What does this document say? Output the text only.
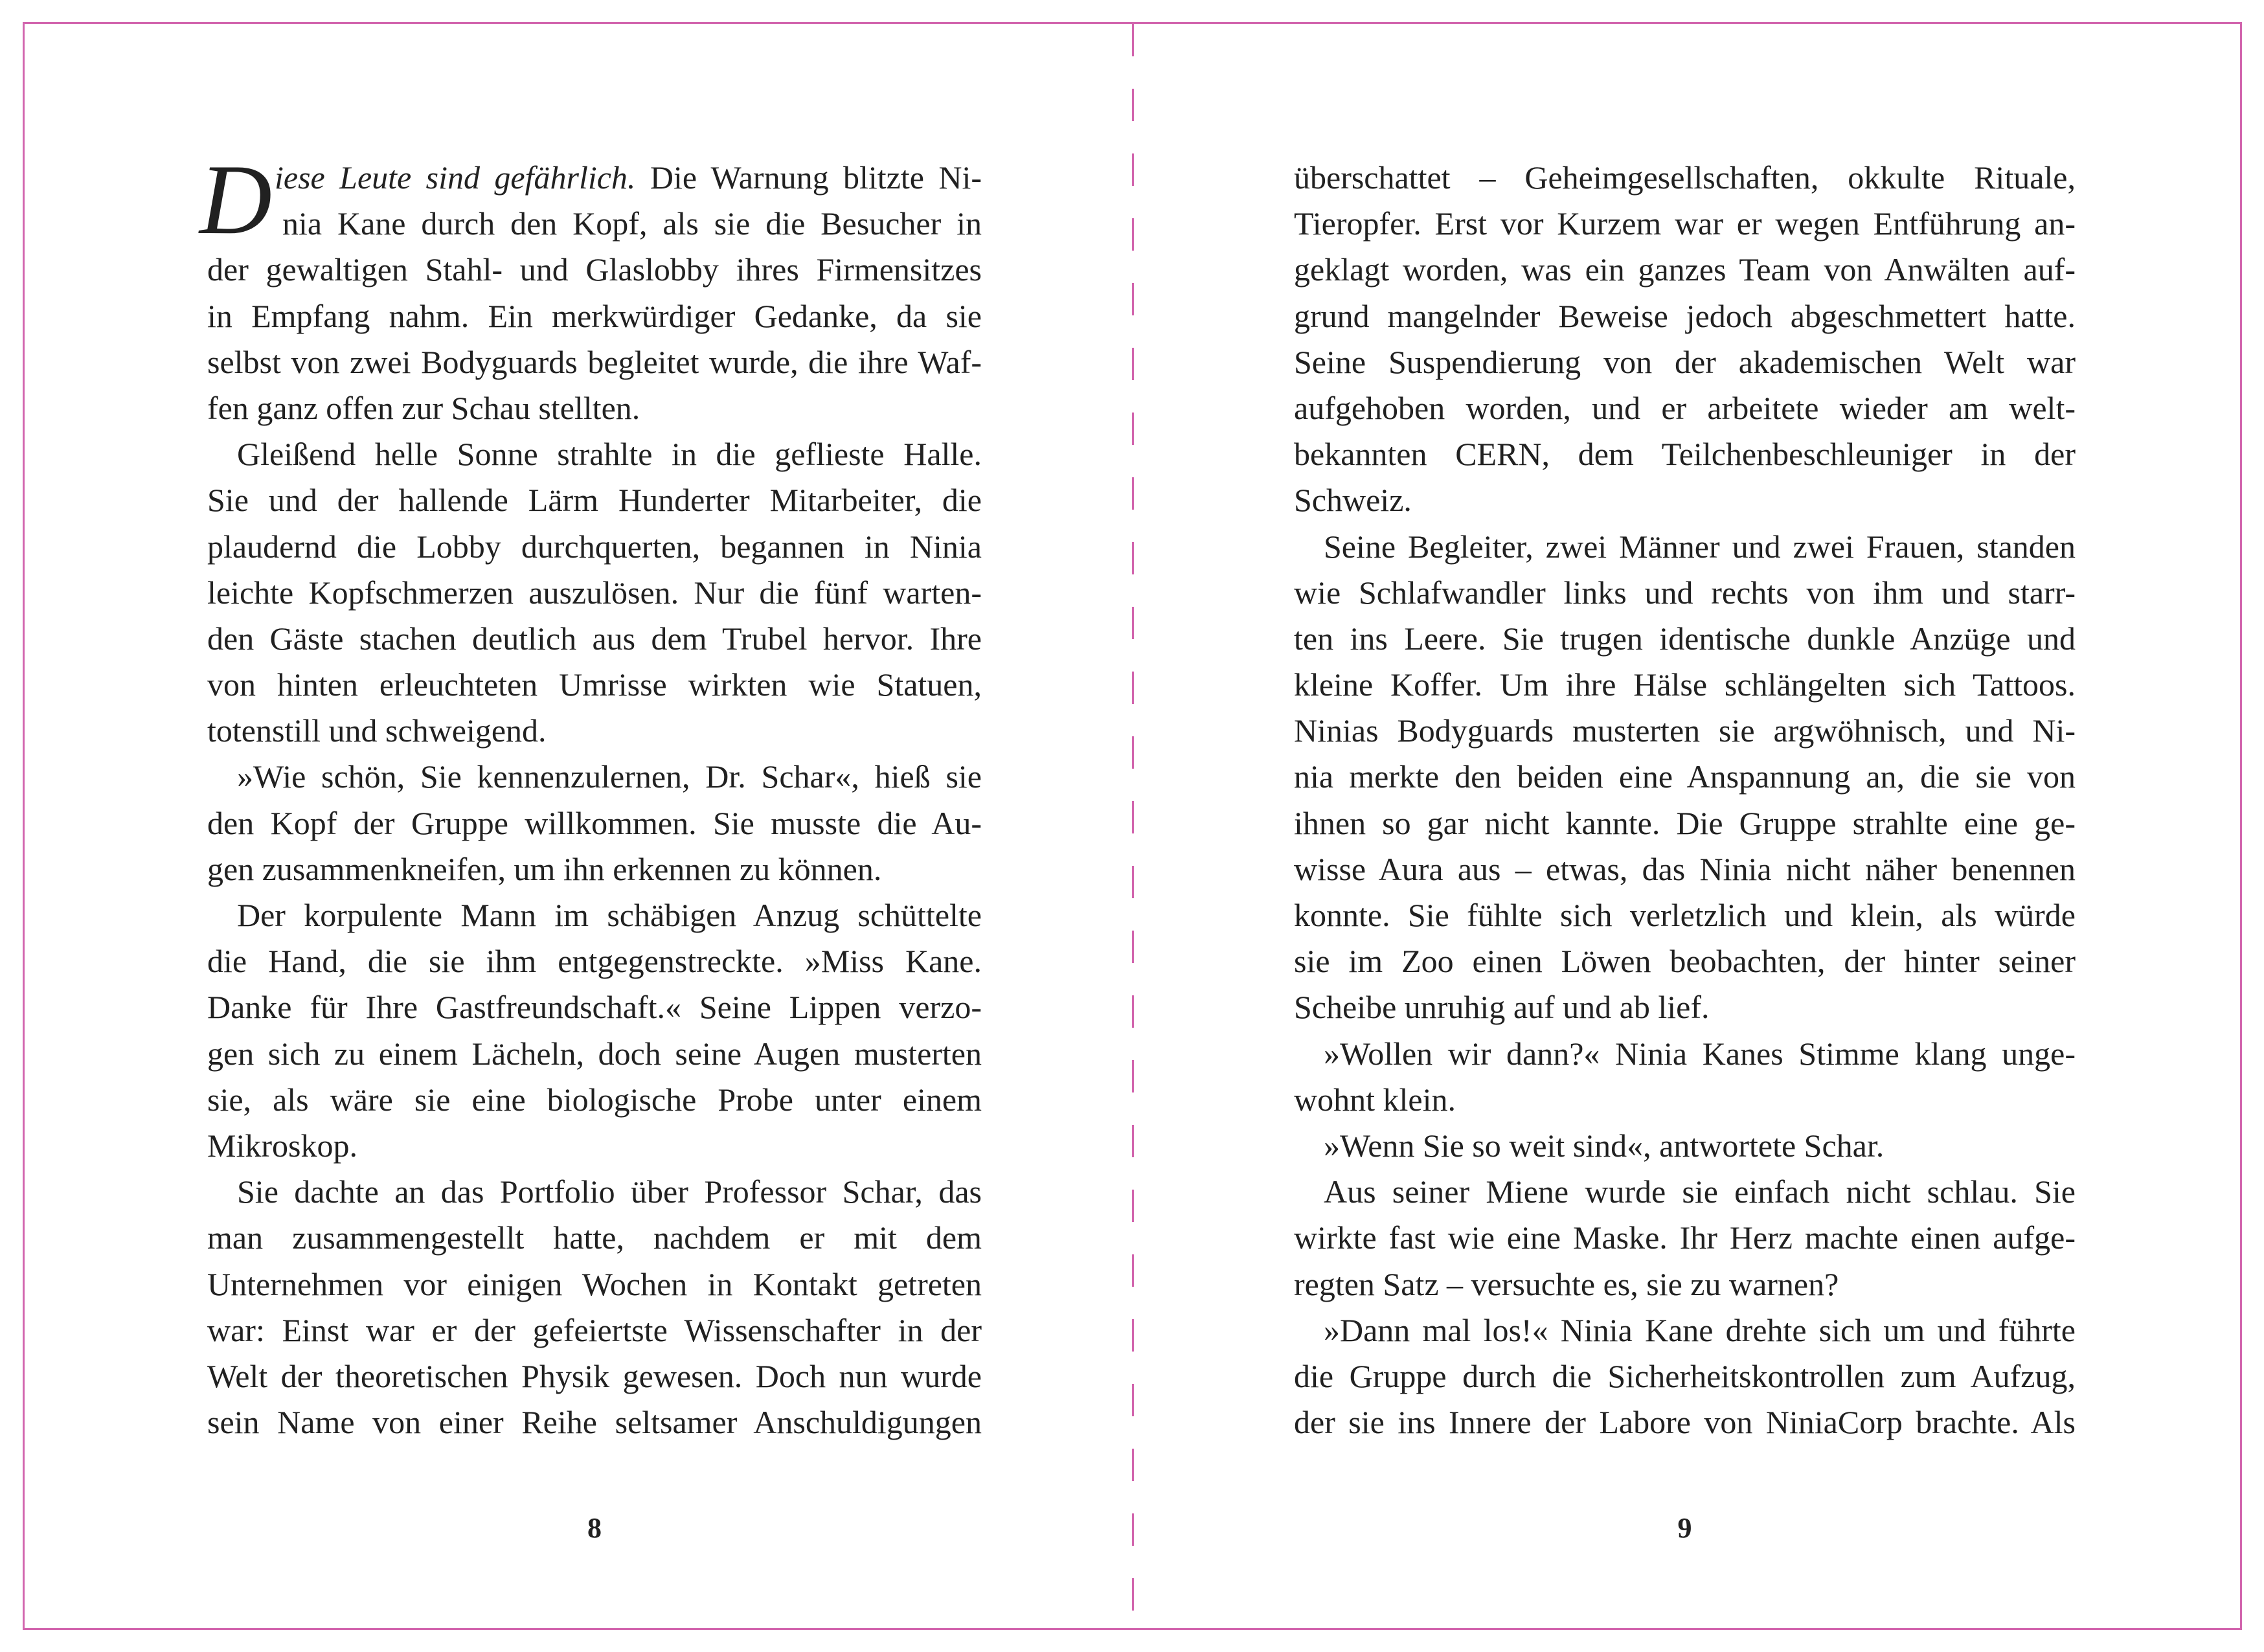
D iese Leute sind gefährlich. Die Warnung blitzte Ni-
nia Kane durch den Kopf, als sie die Besucher in
der gewaltigen Stahl- und Glaslobby ihres Firmensitzes
in Empfang nahm. Ein merkwürdiger Gedanke, da sie
selbst von zwei Bodyguards begleitet wurde, die ihre Waf-
fen ganz offen zur Schau stellten.
Gleißend helle Sonne strahlte in die geflieste Halle.
Sie und der hallende Lärm Hunderter Mitarbeiter, die
plaudernd die Lobby durchquerten, begannen in Ninia
leichte Kopfschmerzen auszulösen. Nur die fünf warten-
den Gäste stachen deutlich aus dem Trubel hervor. Ihre
von hinten erleuchteten Umrisse wirkten wie Statuen,
totenstill und schweigend.
»Wie schön, Sie kennenzulernen, Dr. Schar«, hieß sie
den Kopf der Gruppe willkommen. Sie musste die Au-
gen zusammenkneifen, um ihn erkennen zu können.
Der korpulente Mann im schäbigen Anzug schüttelte
die Hand, die sie ihm entgegenstreckte. »Miss Kane.
Danke für Ihre Gastfreundschaft.« Seine Lippen verzo-
gen sich zu einem Lächeln, doch seine Augen musterten
sie, als wäre sie eine biologische Probe unter einem
Mikroskop.
Sie dachte an das Portfolio über Professor Schar, das
man zusammengestellt hatte, nachdem er mit dem
Unternehmen vor einigen Wochen in Kontakt getreten
war: Einst war er der gefeiertste Wissenschafter in der
Welt der theoretischen Physik gewesen. Doch nun wurde
sein Name von einer Reihe seltsamer Anschuldigungen
überschattet – Geheimgesellschaften, okkulte Rituale,
Tieropfer. Erst vor Kurzem war er wegen Entführung an-
geklagt worden, was ein ganzes Team von Anwälten auf-
grund mangelnder Beweise jedoch abgeschmettert hatte.
Seine Suspendierung von der akademischen Welt war
aufgehoben worden, und er arbeitete wieder am welt-
bekannten CERN, dem Teilchenbeschleuniger in der
Schweiz.
Seine Begleiter, zwei Männer und zwei Frauen, standen
wie Schlafwandler links und rechts von ihm und starr-
ten ins Leere. Sie trugen identische dunkle Anzüge und
kleine Koffer. Um ihre Hälse schlängelten sich Tattoos.
Ninias Bodyguards musterten sie argwöhnisch, und Ni-
nia merkte den beiden eine Anspannung an, die sie von
ihnen so gar nicht kannte. Die Gruppe strahlte eine ge-
wisse Aura aus – etwas, das Ninia nicht näher benennen
konnte. Sie fühlte sich verletzlich und klein, als würde
sie im Zoo einen Löwen beobachten, der hinter seiner
Scheibe unruhig auf und ab lief.
»Wollen wir dann?« Ninia Kanes Stimme klang unge-
wohnt klein.
»Wenn Sie so weit sind«, antwortete Schar.
Aus seiner Miene wurde sie einfach nicht schlau. Sie
wirkte fast wie eine Maske. Ihr Herz machte einen aufge-
regten Satz – versuchte es, sie zu warnen?
»Dann mal los!« Ninia Kane drehte sich um und führte
die Gruppe durch die Sicherheitskontrollen zum Aufzug,
der sie ins Innere der Labore von NiniaCorp brachte. Als
8	9
